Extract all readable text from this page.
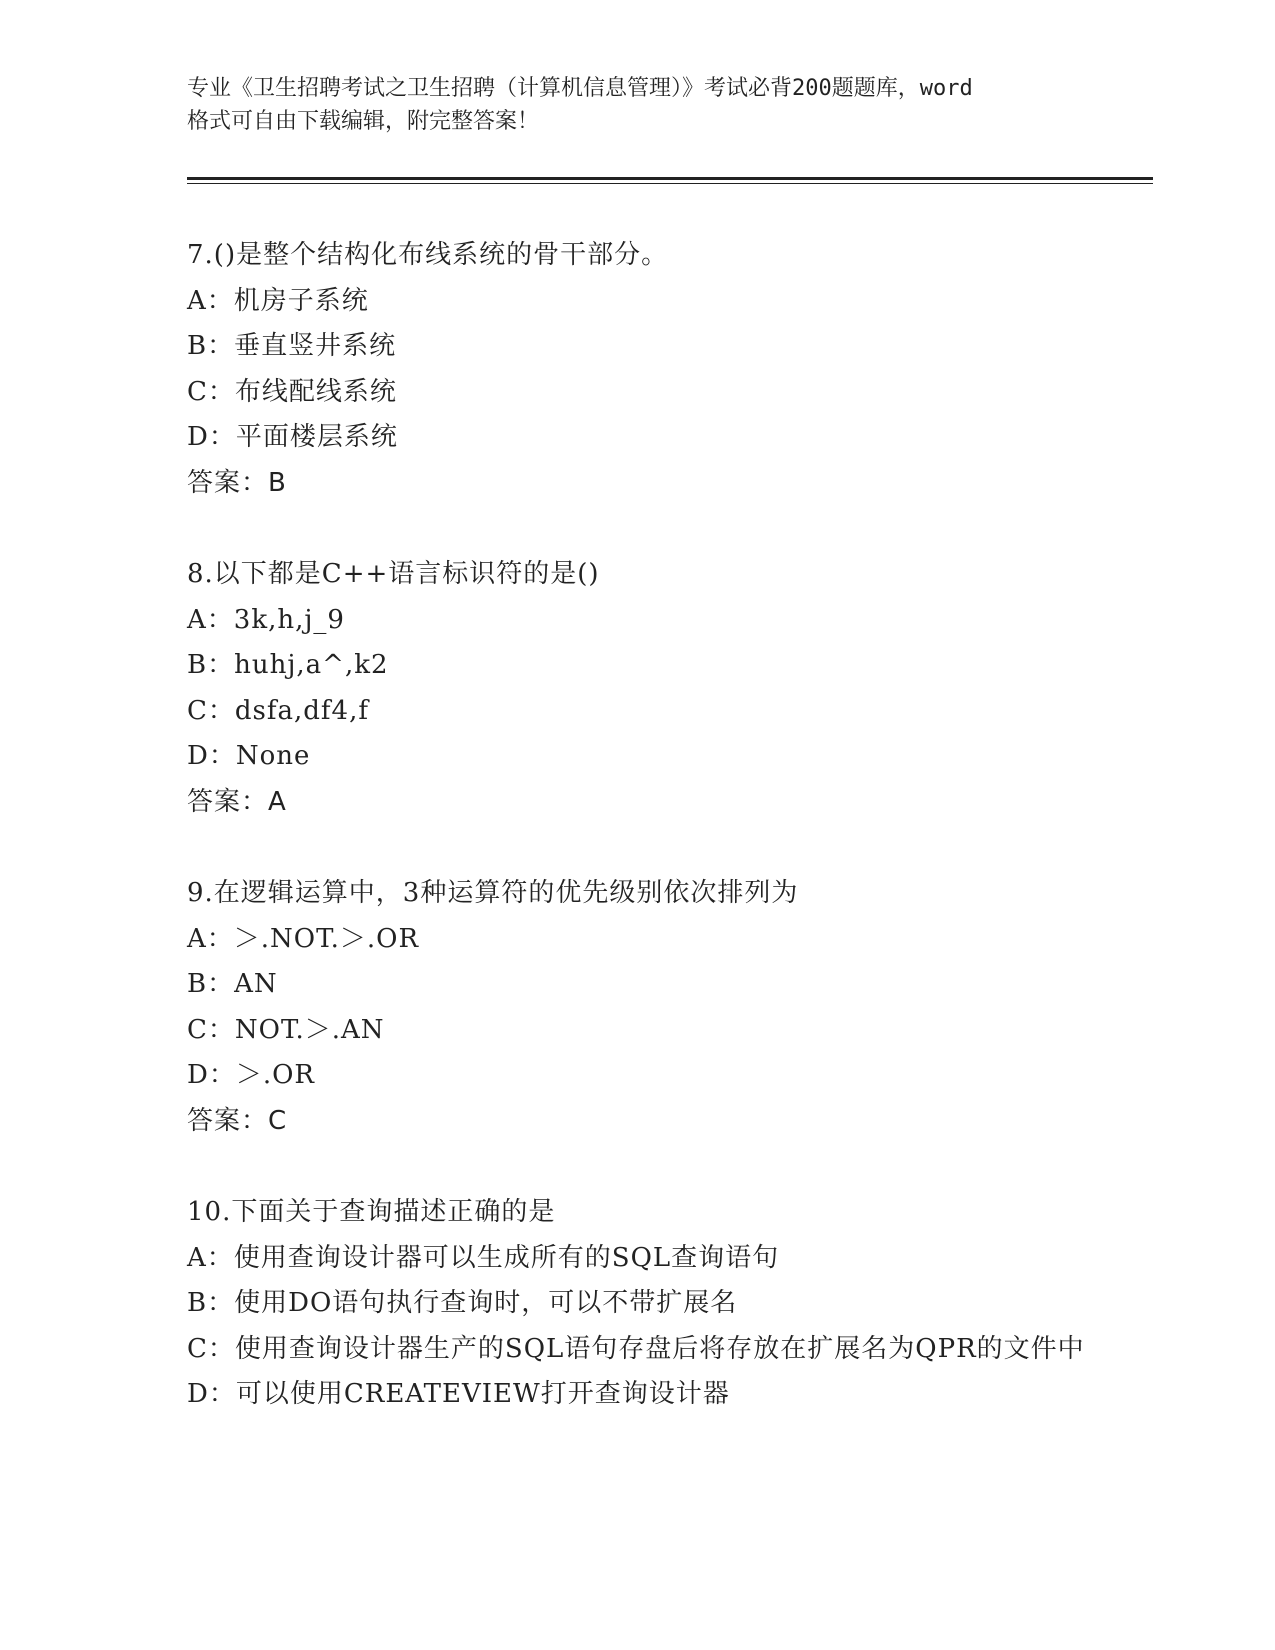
专业《卫生招聘考试之卫生招聘（计算机信息管理）》考试必背200题题库，word
格式可自由下载编辑，附完整答案！
7.()是整个结构化布线系统的骨干部分。
A：机房子系统
B：垂直竖井系统
C：布线配线系统
D：平面楼层系统
答案：B
8.以下都是C++语言标识符的是()
A：3k,h,j_9
B：huhj,a^,k2
C：dsfa,df4,f
D：None
答案：A
9.在逻辑运算中，3种运算符的优先级别依次排列为
A：＞.NOT.＞.OR
B：AN
C：NOT.＞.AN
D：＞.OR
答案：C
10.下面关于查询描述正确的是
A：使用查询设计器可以生成所有的SQL查询语句
B：使用DO语句执行查询时，可以不带扩展名
C：使用查询设计器生产的SQL语句存盘后将存放在扩展名为QPR的文件中
D：可以使用CREATEVIEW打开查询设计器
